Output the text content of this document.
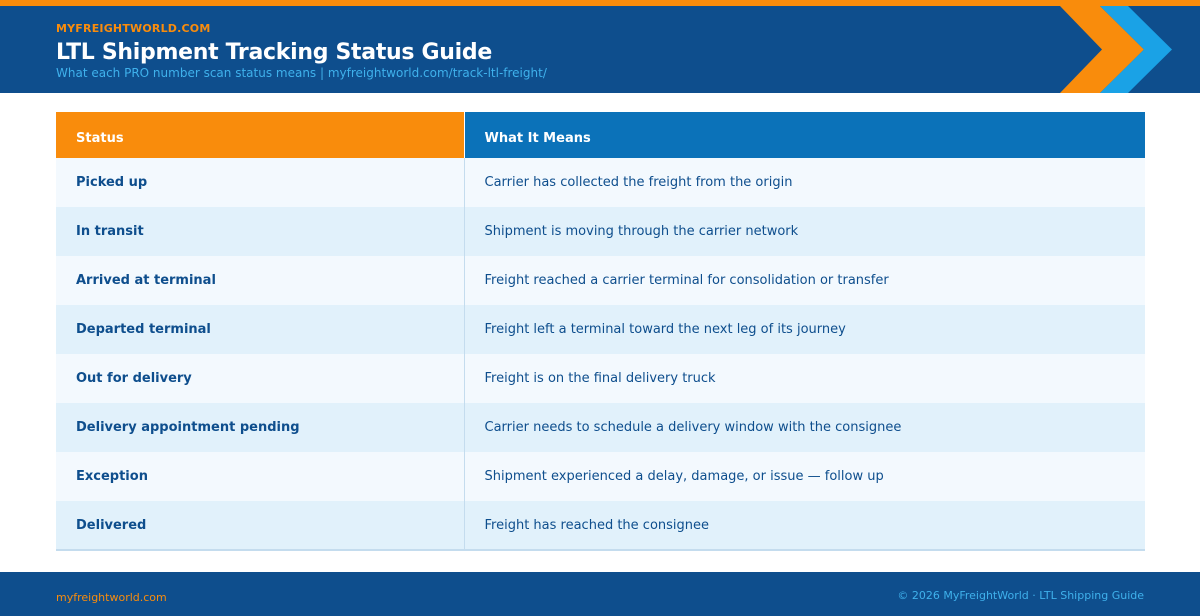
MYFREIGHTWORLD.COM
LTL Shipment Tracking Status Guide
What each PRO number scan status means | myfreightworld.com/track-ltl-freight/
Status	What It Means
Picked up	Carrier has collected the freight from the origin
In transit	Shipment is moving through the carrier network
Arrived at terminal	Freight reached a carrier terminal for consolidation or transfer
Departed terminal	Freight left a terminal toward the next leg of its journey
Out for delivery	Freight is on the final delivery truck
Delivery appointment pending	Carrier needs to schedule a delivery window with the consignee
Exception	Shipment experienced a delay, damage, or issue — follow up
Delivered	Freight has reached the consignee
myfreightworld.com	© 2026 MyFreightWorld · LTL Shipping Guide
